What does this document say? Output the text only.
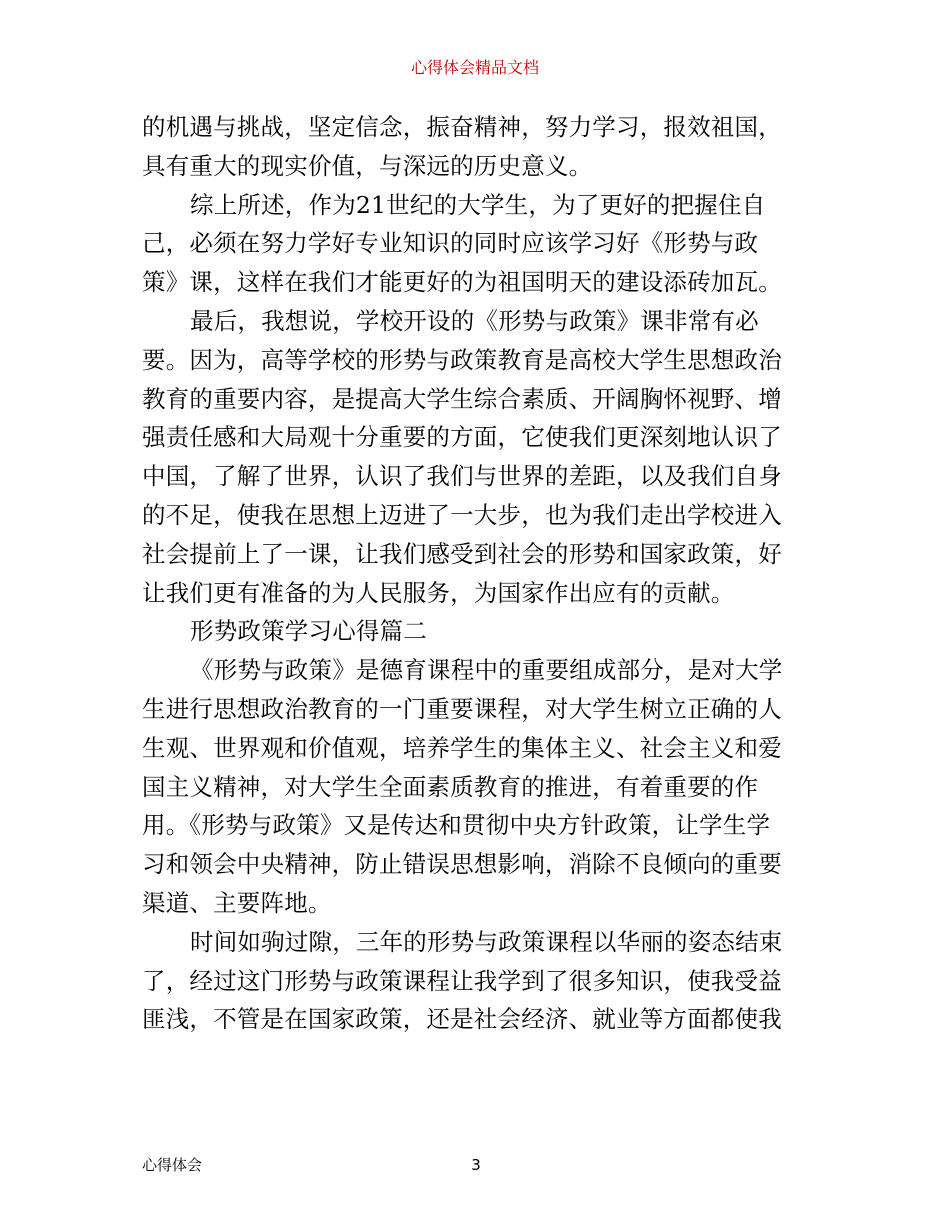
心得体会精品文档
的机遇与挑战，坚定信念，振奋精神，努力学习，报效祖国，
具有重大的现实价值，与深远的历史意义。
综上所述，作为21世纪的大学生，为了更好的把握住自
己，必须在努力学好专业知识的同时应该学习好《形势与政
策》课，这样在我们才能更好的为祖国明天的建设添砖加瓦。
最后，我想说，学校开设的《形势与政策》课非常有必
要。因为，高等学校的形势与政策教育是高校大学生思想政治
教育的重要内容，是提高大学生综合素质、开阔胸怀视野、增
强责任感和大局观十分重要的方面，它使我们更深刻地认识了
中国，了解了世界，认识了我们与世界的差距，以及我们自身
的不足，使我在思想上迈进了一大步，也为我们走出学校进入
社会提前上了一课，让我们感受到社会的形势和国家政策，好
让我们更有准备的为人民服务，为国家作出应有的贡献。
形势政策学习心得篇二
《形势与政策》是德育课程中的重要组成部分，是对大学
生进行思想政治教育的一门重要课程，对大学生树立正确的人
生观、世界观和价值观，培养学生的集体主义、社会主义和爱
国主义精神，对大学生全面素质教育的推进，有着重要的作
用。《形势与政策》又是传达和贯彻中央方针政策，让学生学
习和领会中央精神，防止错误思想影响，消除不良倾向的重要
渠道、主要阵地。
时间如驹过隙，三年的形势与政策课程以华丽的姿态结束
了，经过这门形势与政策课程让我学到了很多知识，使我受益
匪浅，不管是在国家政策，还是社会经济、就业等方面都使我
心得体会	3
